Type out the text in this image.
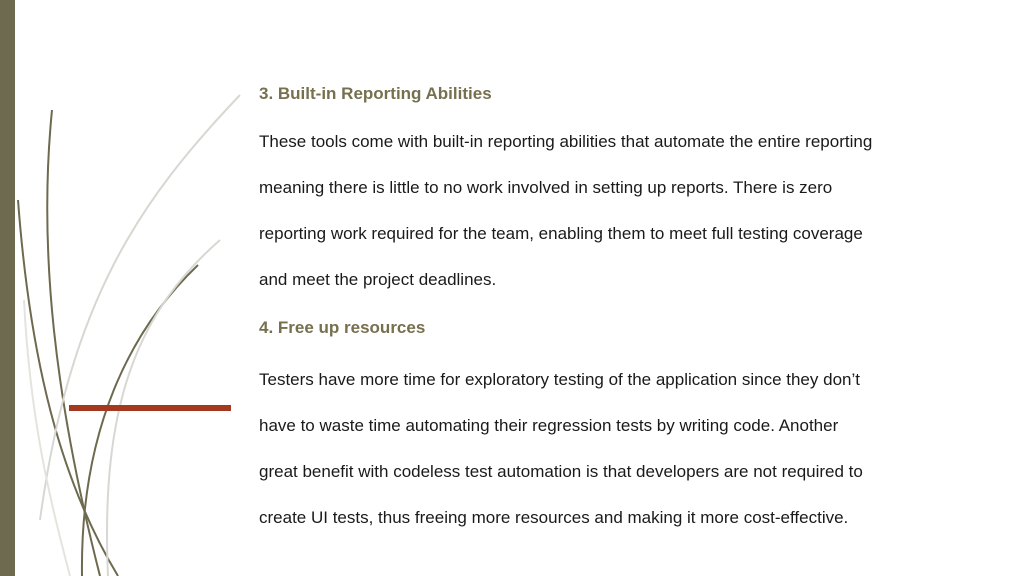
3. Built-in Reporting Abilities

These tools come with built-in reporting abilities that automate the entire reporting

meaning there is little to no work involved in setting up reports. There is zero

reporting work required for the team, enabling them to meet full testing coverage

and meet the project deadlines.

4. Free up resources

Testers have more time for exploratory testing of the application since they don’t

have to waste time automating their regression tests by writing code. Another

great benefit with codeless test automation is that developers are not required to

create UI tests, thus freeing more resources and making it more cost-effective.
